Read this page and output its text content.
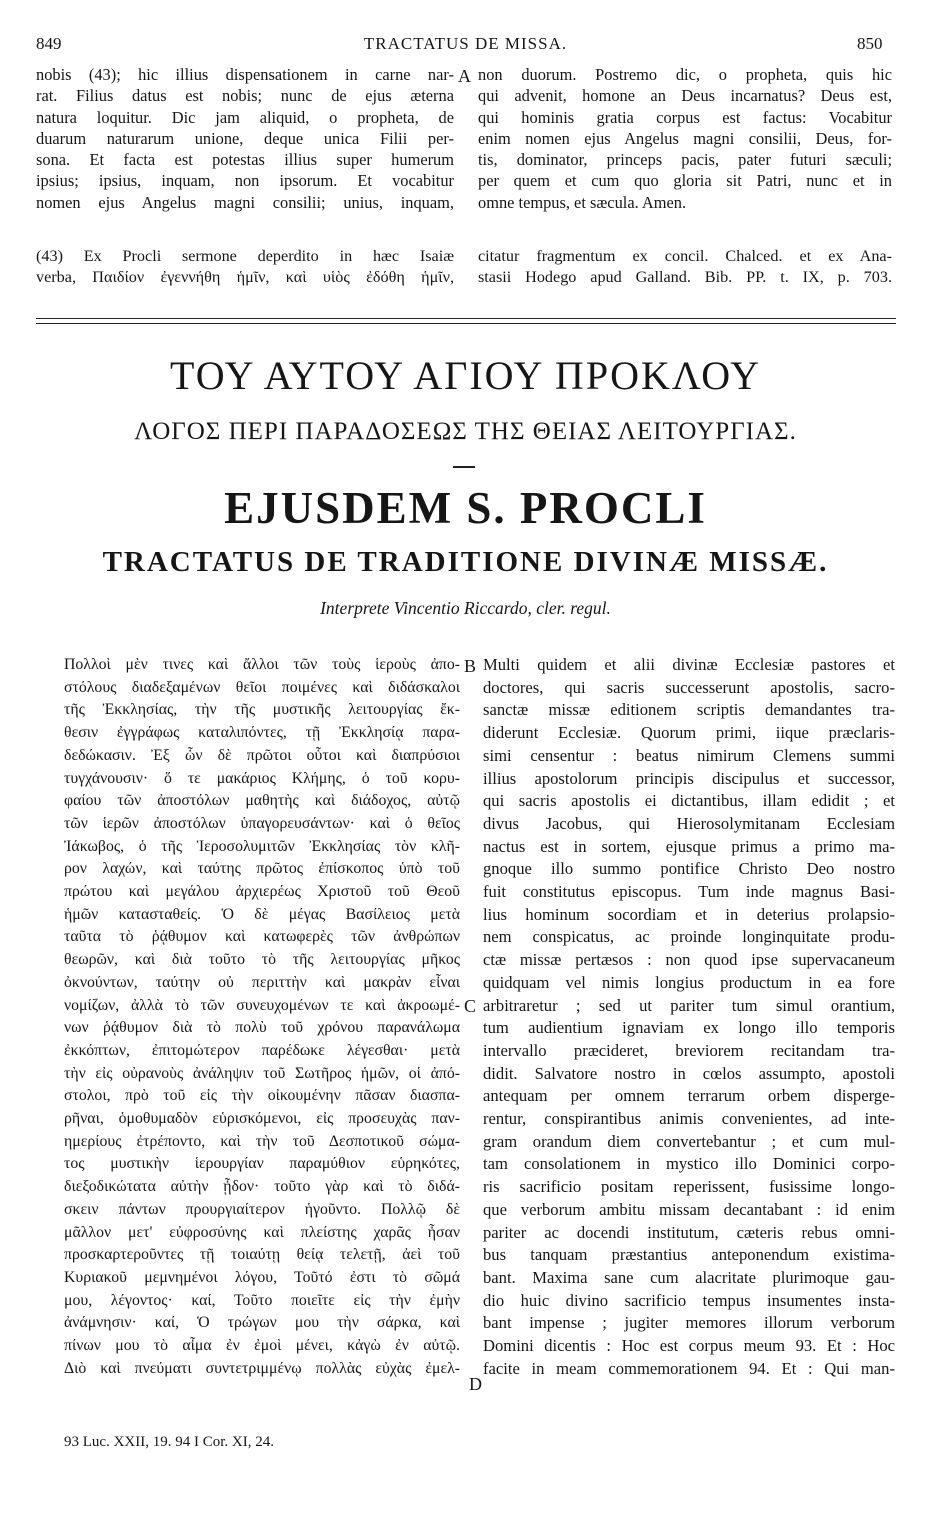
849	TRACTATUS DE MISSA.	850
nobis (43); hic illius dispensationem in carne nar-
rat. Filius datus est nobis; nunc de ejus æterna
natura loquitur. Dic jam aliquid, o propheta, de
duarum naturarum unione, deque unica Filii per-
sona. Et facta est potestas illius super humerum
ipsius; ipsius, inquam, non ipsorum. Et vocabitur
nomen ejus Angelus magni consilii; unius, inquam,
A non duorum. Postremo dic, o propheta, quis hic
qui advenit, homone an Deus incarnatus? Deus est,
qui hominis gratia corpus est factus: Vocabitur
enim nomen ejus Angelus magni consilii, Deus, for-
tis, dominator, princeps pacis, pater futuri sæculi;
per quem et cum quo gloria sit Patri, nunc et in
omne tempus, et sæcula. Amen.
(43) Ex Procli sermone deperdito in hæc Isaiæ
verba, Παιδίον ἐγεννήθη ἡμῖν, καὶ υἱὸς ἐδόθη ἡμῖν,
citatur fragmentum ex concil. Chalced. et ex Ana-
stasii Hodego apud Galland. Bib. PP. t. IX, p. 703.
ΤΟΥ ΑΥΤΟΥ ΑΓΙΟΥ ΠΡΟΚΛΟΥ
ΛΟΓΟΣ ΠΕΡΙ ΠΑΡΑΔΟΣΕΩΣ ΤΗΣ ΘΕΙΑΣ ΛΕΙΤΟΥΡΓΙΑΣ.
EJUSDEM S. PROCLI
TRACTATUS DE TRADITIONE DIVINÆ MISSÆ.
Interprete Vincentio Riccardo, cler. regul.
Πολλοὶ μὲν τινες καὶ ἄλλοι τῶν τοὺς ἱεροὺς ἀπο-
στόλους διαδεξαμένων θεῖοι ποιμένες καὶ διδάσκαλοι
τῆς Ἐκκλησίας, τὴν τῆς μυστικῆς λειτουργίας ἔκ-
θεσιν ἐγγράφως καταλιπόντες, τῇ Ἐκκλησίᾳ παρα-
δεδώκασιν. Ἐξ ὧν δὲ πρῶτοι οὗτοι καὶ διαπρύσιοι
τυγχάνουσιν· ὅ τε μακάριος Κλήμης, ὁ τοῦ κορυ-
φαίου τῶν ἀποστόλων μαθητὴς καὶ διάδοχος, αὐτῷ
τῶν ἱερῶν ἀποστόλων ὑπαγορευσάντων· καὶ ὁ θεῖος
Ἰάκωβος, ὁ τῆς Ἱεροσολυμιτῶν Ἐκκλησίας τὸν κλῆ-
ρον λαχών, καὶ ταύτης πρῶτος ἐπίσκοπος ὑπὸ τοῦ
πρώτου καὶ μεγάλου ἀρχιερέως Χριστοῦ τοῦ Θεοῦ
ἡμῶν κατασταθείς. Ὁ δὲ μέγας Βασίλειος μετὰ
ταῦτα τὸ ῥᾴθυμον καὶ κατωφερὲς τῶν ἀνθρώπων
θεωρῶν, καὶ διὰ τοῦτο τὸ τῆς λειτουργίας μῆκος
ὀκνούντων, ταύτην οὐ περιττὴν καὶ μακρὰν εἶναι
νομίζων, ἀλλὰ τὸ τῶν συνευχομένων τε καὶ ἀκροωμέ-
νων ῥᾴθυμον διὰ τὸ πολὺ τοῦ χρόνου παρανάλωμα
ἐκκόπτων, ἐπιτομώτερον παρέδωκε λέγεσθαι· μετὰ
τὴν εἰς οὐρανοὺς ἀνάληψιν τοῦ Σωτῆρος ἡμῶν, οἱ ἀπό-
στολοι, πρὸ τοῦ εἰς τὴν οἰκουμένην πᾶσαν διασπα-
ρῆναι, ὁμοθυμαδὸν εὑρισκόμενοι, εἰς προσευχὰς παν-
ημερίους ἐτρέποντο, καὶ τὴν τοῦ Δεσποτικοῦ σώμα-
τος μυστικὴν ἱερουργίαν παραμύθιον εὑρηκότες,
διεξοδικώτατα αὐτὴν ᾖδον· τοῦτο γὰρ καὶ τὸ διδά-
σκειν πάντων προυργιαίτερον ἡγοῦντο. Πολλῷ δὲ
μᾶλλον μετ' εὐφροσύνης καὶ πλείστης χαρᾶς ἦσαν
προσκαρτεροῦντες τῇ τοιαύτῃ θείᾳ τελετῇ, ἀεὶ τοῦ
Κυριακοῦ μεμνημένοι λόγου, Τοῦτό ἐστι τὸ σῶμά
μου, λέγοντος· καί, Τοῦτο ποιεῖτε εἰς τὴν ἐμὴν
ἀνάμνησιν· καί, Ὁ τρώγων μου τὴν σάρκα, καὶ
πίνων μου τὸ αἷμα ἐν ἐμοὶ μένει, κἀγὼ ἐν αὐτῷ.
Διὸ καὶ πνεύματι συντετριμμένῳ πολλὰς εὐχὰς ἐμελ-
B
C
D
Multi quidem et alii divinæ Ecclesiæ pastores et
doctores, qui sacris successerunt apostolis, sacro-
sanctæ missæ editionem scriptis demandantes tra-
diderunt Ecclesiæ. Quorum primi, iique præclaris-
simi censentur : beatus nimirum Clemens summi
illius apostolorum principis discipulus et successor,
qui sacris apostolis ei dictantibus, illam edidit ; et
divus Jacobus, qui Hierosolymitanam Ecclesiam
nactus est in sortem, ejusque primus a primo ma-
gnoque illo summo pontifice Christo Deo nostro
fuit constitutus episcopus. Tum inde magnus Basi-
lius hominum socordiam et in deterius prolapsio-
nem conspicatus, ac proinde longinquitate produ-
ctæ missæ pertæsos : non quod ipse supervacaneum
quidquam vel nimis longius productum in ea fore
arbitraretur ; sed ut pariter tum simul orantium,
tum audientium ignaviam ex longo illo temporis
intervallo præcideret, breviorem recitandam tra-
didit. Salvatore nostro in cœlos assumpto, apostoli
antequam per omnem terrarum orbem disperge-
rentur, conspirantibus animis convenientes, ad inte-
gram orandum diem convertebantur ; et cum mul-
tam consolationem in mystico illo Dominici corpo-
ris sacrificio positam reperissent, fusissime longo-
que verborum ambitu missam decantabant : id enim
pariter ac docendi institutum, cæteris rebus omni-
bus tanquam præstantius anteponendum existima-
bant. Maxima sane cum alacritate plurimoque gau-
dio huic divino sacrificio tempus insumentes insta-
bant impense ; jugiter memores illorum verborum
Domini dicentis : Hoc est corpus meum 93. Et : Hoc
facite in meam commemorationem 94. Et : Qui man-
93 Luc. XXII, 19. 94 I Cor. XI, 24.
